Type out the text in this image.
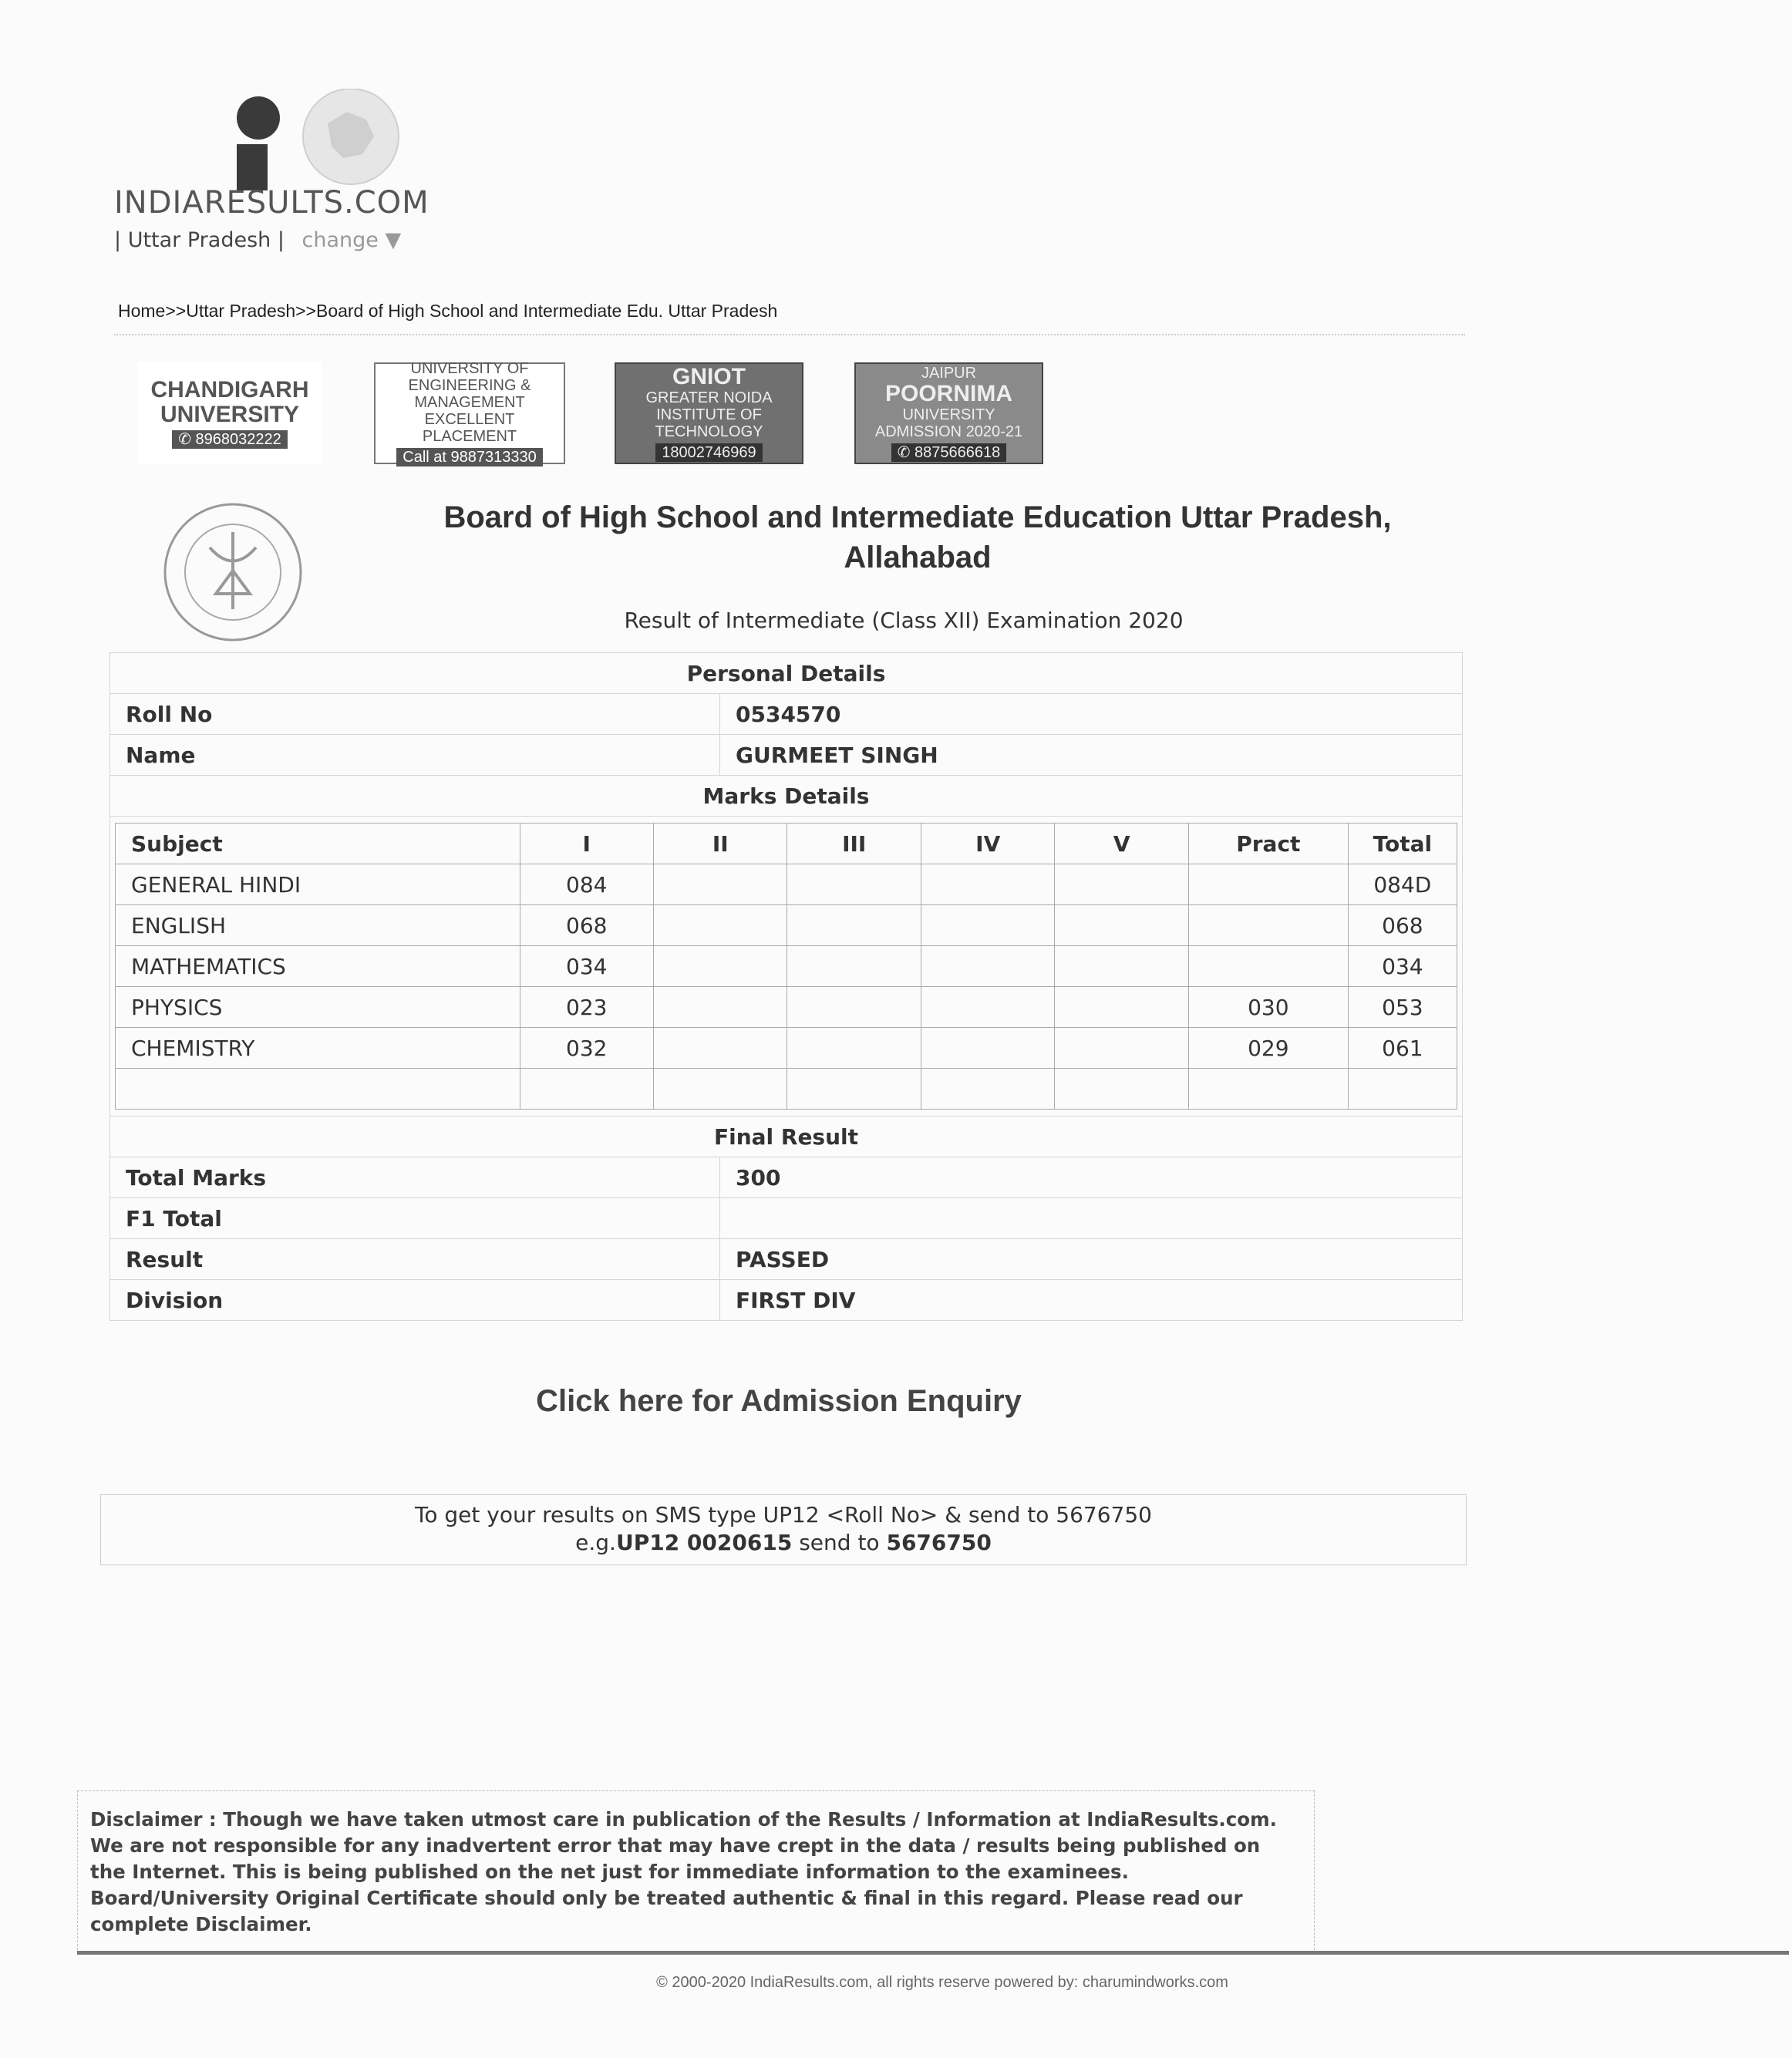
INDIARESULTS.COM
| Uttar Pradesh | change ▼
Home>>Uttar Pradesh>>Board of High School and Intermediate Edu. Uttar Pradesh
CHANDIGARH
UNIVERSITY
✆ 8968032222
UNIVERSITY OF
ENGINEERING &
MANAGEMENT
EXCELLENT PLACEMENT
Call at 9887313330
GNIOT
GREATER NOIDA
INSTITUTE OF
TECHNOLOGY
18002746969
JAIPUR
POORNIMA
UNIVERSITY
ADMISSION 2020-21
✆ 8875666618
Board of High School and Intermediate Education Uttar Pradesh,
Allahabad
Result of Intermediate (Class XII) Examination 2020
Personal Details
Roll No	0534570
Name	GURMEET SINGH
Marks Details

Subject	I	II	III	IV	V	Pract	Total
GENERAL HINDI	084						084D
ENGLISH	068						068
MATHEMATICS	034						034
PHYSICS	023					030	053
CHEMISTRY	032					029	061

Final Result
Total Marks	300
F1 Total	
Result	PASSED
Division	FIRST DIV
Click here for Admission Enquiry
To get your results on SMS type UP12 <Roll No> & send to 5676750
e.g.UP12 0020615 send to 5676750
Disclaimer : Though we have taken utmost care in publication of the Results / Information at IndiaResults.com. We are not responsible for any inadvertent error that may have crept in the data / results being published on the Internet. This is being published on the net just for immediate information to the examinees. Board/University Original Certificate should only be treated authentic & final in this regard. Please read our complete Disclaimer.
© 2000-2020 IndiaResults.com, all rights reserve powered by: charumindworks.com
